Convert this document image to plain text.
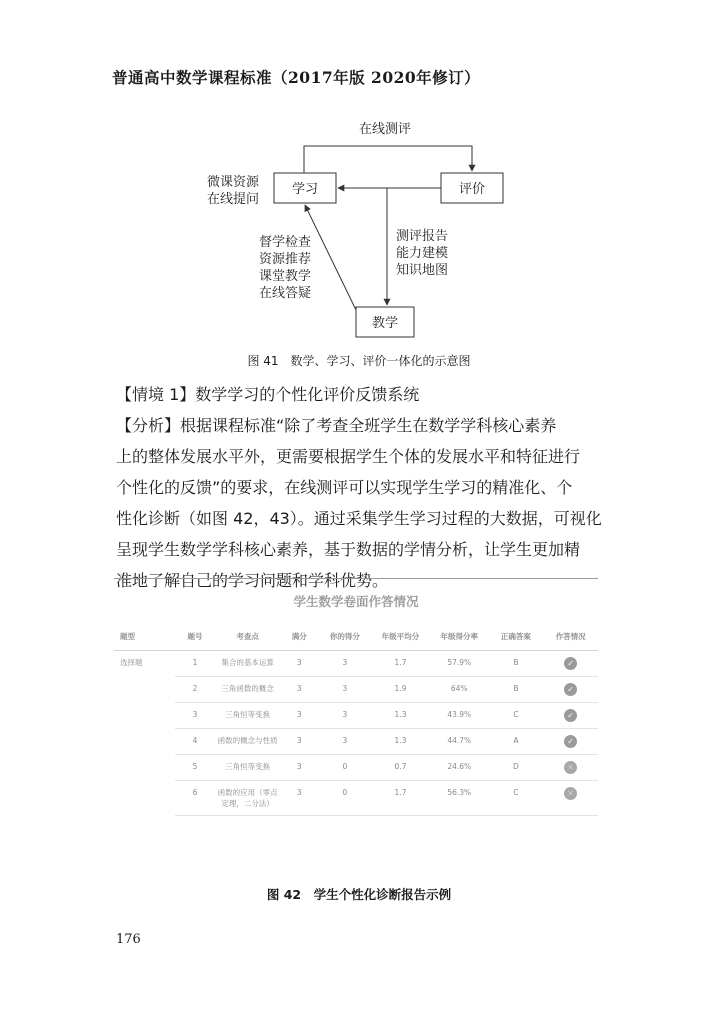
普通高中数学课程标准（2017年版 2020年修订）
学习	评价
教学
在线测评
微课资源
在线提问
督学检查
资源推荐
课堂教学
在线答疑
测评报告
能力建模
知识地图
图 41　数学、学习、评价一体化的示意图
【情境 1】数学学习的个性化评价反馈系统

【分析】根据课程标准“除了考查全班学生在数学学科核心素养

上的整体发展水平外，更需要根据学生个体的发展水平和特征进行

个性化的反馈”的要求，在线测评可以实现学生学习的精准化、个

性化诊断（如图 42，43）。通过采集学生学习过程的大数据，可视化

呈现学生数学学科核心素养，基于数据的学情分析，让学生更加精

准地了解自己的学习问题和学科优势。

学生数学卷面作答情况
题型	题号	考查点	满分	你的得分	年级平均分	年级得分率	正确答案	作答情况
选择题	1	集合的基本运算	3	3	1.7	57.9%	B	✓
	2	三角函数的概念	3	3	1.9	64%	B	✓
	3	三角恒等变换	3	3	1.3	43.9%	C	✓
	4	函数的概念与性质	3	3	1.3	44.7%	A	✓
	5	三角恒等变换	3	0	0.7	24.6%	D	✕
	6	函数的应用（零点定理，二分法）	3	0	1.7	56.3%	C	✕
图 42　学生个性化诊断报告示例
176
